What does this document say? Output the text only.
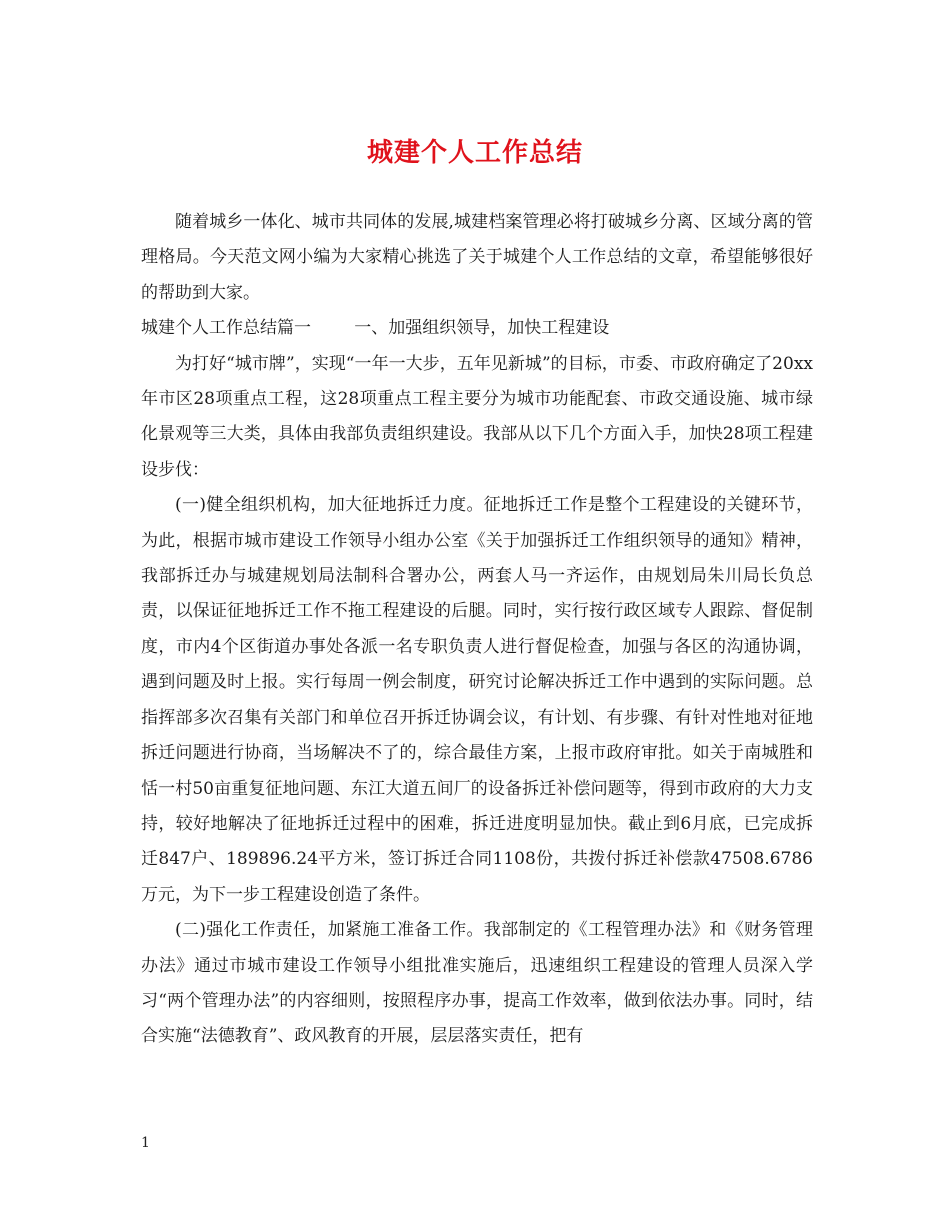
城建个人工作总结

随着城乡一体化、城市共同体的发展,城建档案管理必将打破城乡分离、区域分离的管理格局。今天范文网小编为大家精心挑选了关于城建个人工作总结的文章，希望能够很好的帮助到大家。

城建个人工作总结篇一        一、加强组织领导，加快工程建设

为打好“城市牌”，实现“一年一大步，五年见新城”的目标，市委、市政府确定了20xx年市区28项重点工程，这28项重点工程主要分为城市功能配套、市政交通设施、城市绿化景观等三大类，具体由我部负责组织建设。我部从以下几个方面入手，加快28项工程建设步伐：

(一)健全组织机构，加大征地拆迁力度。征地拆迁工作是整个工程建设的关键环节，为此，根据市城市建设工作领导小组办公室《关于加强拆迁工作组织领导的通知》精神，我部拆迁办与城建规划局法制科合署办公，两套人马一齐运作，由规划局朱川局长负总责，以保证征地拆迁工作不拖工程建设的后腿。同时，实行按行政区域专人跟踪、督促制度，市内4个区街道办事处各派一名专职负责人进行督促检查，加强与各区的沟通协调，遇到问题及时上报。实行每周一例会制度，研究讨论解决拆迁工作中遇到的实际问题。总指挥部多次召集有关部门和单位召开拆迁协调会议，有计划、有步骤、有针对性地对征地拆迁问题进行协商，当场解决不了的，综合最佳方案，上报市政府审批。如关于南城胜和恬一村50亩重复征地问题、东江大道五间厂的设备拆迁补偿问题等，得到市政府的大力支持，较好地解决了征地拆迁过程中的困难，拆迁进度明显加快。截止到6月底，已完成拆迁847户、189896.24平方米，签订拆迁合同1108份，共拨付拆迁补偿款47508.6786万元，为下一步工程建设创造了条件。

(二)强化工作责任，加紧施工准备工作。我部制定的《工程管理办法》和《财务管理办法》通过市城市建设工作领导小组批准实施后，迅速组织工程建设的管理人员深入学习“两个管理办法”的内容细则，按照程序办事，提高工作效率，做到依法办事。同时，结合实施“法德教育”、政风教育的开展，层层落实责任，把有

1
